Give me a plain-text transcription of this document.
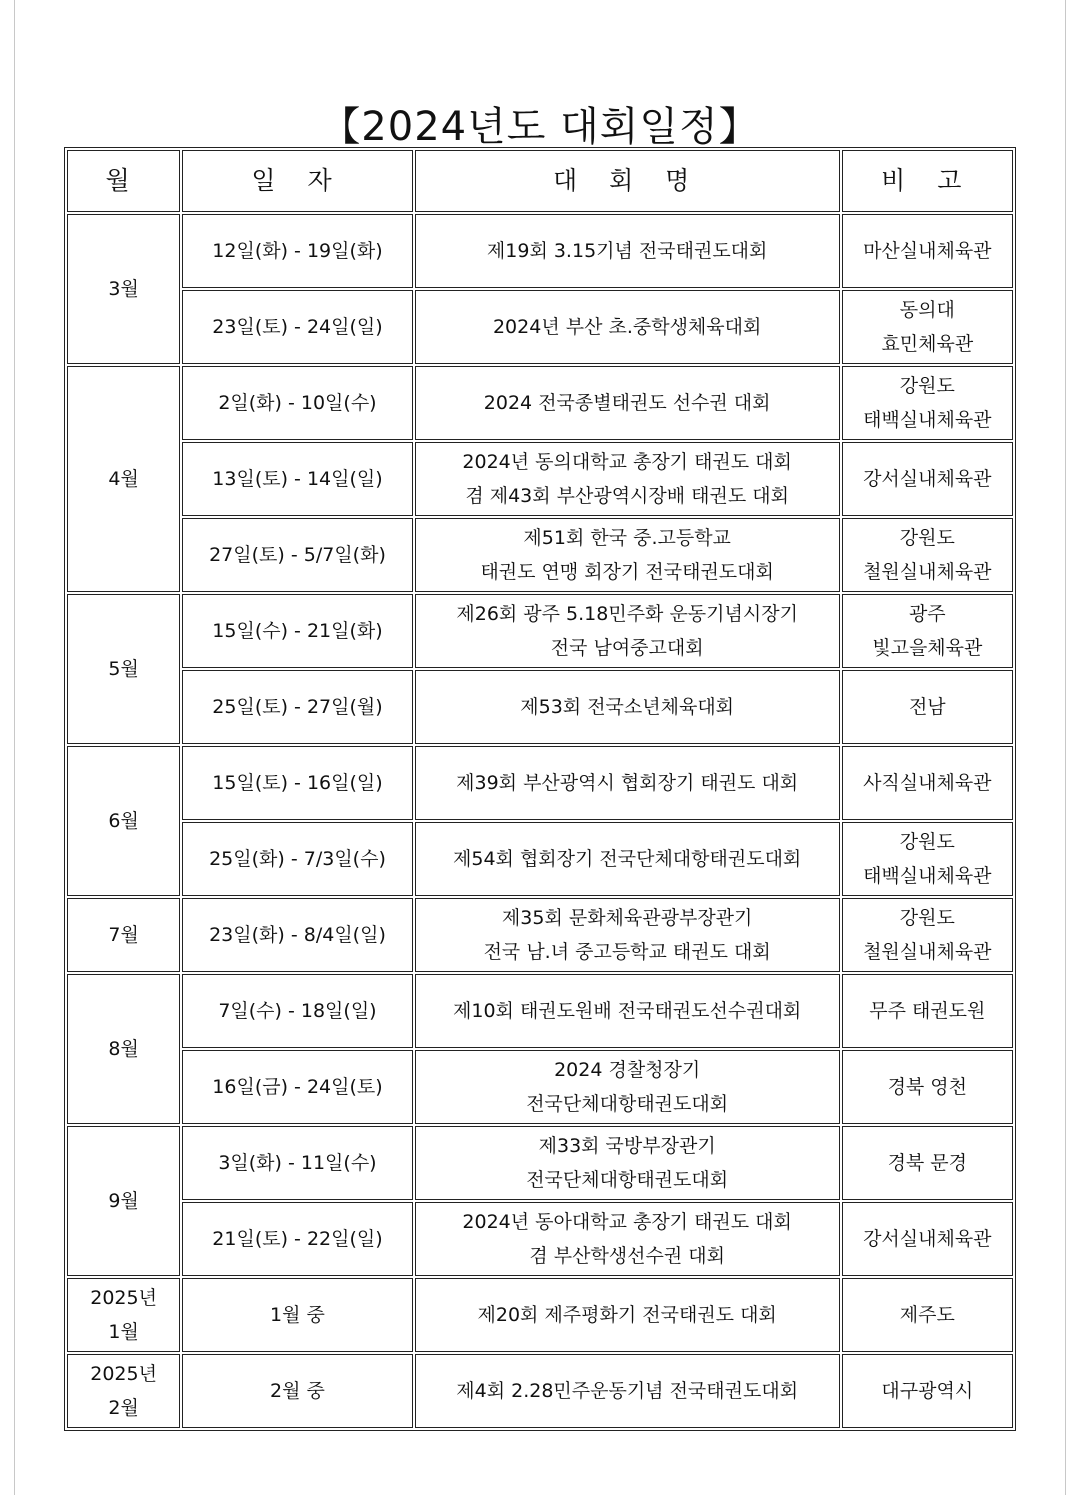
【2024년도 대회일정】
월	일 자	대 회 명	비 고

3월	12일(화) - 19일(화)	제19회 3.15기념 전국태권도대회	마산실내체육관

	23일(토) - 24일(일)	2024년 부산 초.중학생체육대회	동의대
효민체육관

4월	2일(화) - 10일(수)	2024 전국종별태권도 선수권 대회	강원도
태백실내체육관

	13일(토) - 14일(일)	2024년 동의대학교 총장기 태권도 대회
겸 제43회 부산광역시장배 태권도 대회	강서실내체육관

	27일(토) - 5/7일(화)	제51회 한국 중.고등학교
태권도 연맹 회장기 전국태권도대회	강원도
철원실내체육관

5월	15일(수) - 21일(화)	제26회 광주 5.18민주화 운동기념시장기
전국 남여중고대회	광주
빛고을체육관

	25일(토) - 27일(월)	제53회 전국소년체육대회	전남

6월	15일(토) - 16일(일)	제39회 부산광역시 협회장기 태권도 대회	사직실내체육관

	25일(화) - 7/3일(수)	제54회 협회장기 전국단체대항태권도대회	강원도
태백실내체육관

7월	23일(화) - 8/4일(일)	제35회 문화체육관광부장관기
전국 남.녀 중고등학교 태권도 대회	강원도
철원실내체육관

8월	7일(수) - 18일(일)	제10회 태권도원배 전국태권도선수권대회	무주 태권도원

	16일(금) - 24일(토)	2024 경찰청장기
전국단체대항태권도대회	경북 영천

9월	3일(화) - 11일(수)	제33회 국방부장관기
전국단체대항태권도대회	경북 문경

	21일(토) - 22일(일)	2024년 동아대학교 총장기 태권도 대회
겸 부산학생선수권 대회	강서실내체육관

2025년
1월	1월 중	제20회 제주평화기 전국태권도 대회	제주도

2025년
2월	2월 중	제4회 2.28민주운동기념 전국태권도대회	대구광역시
